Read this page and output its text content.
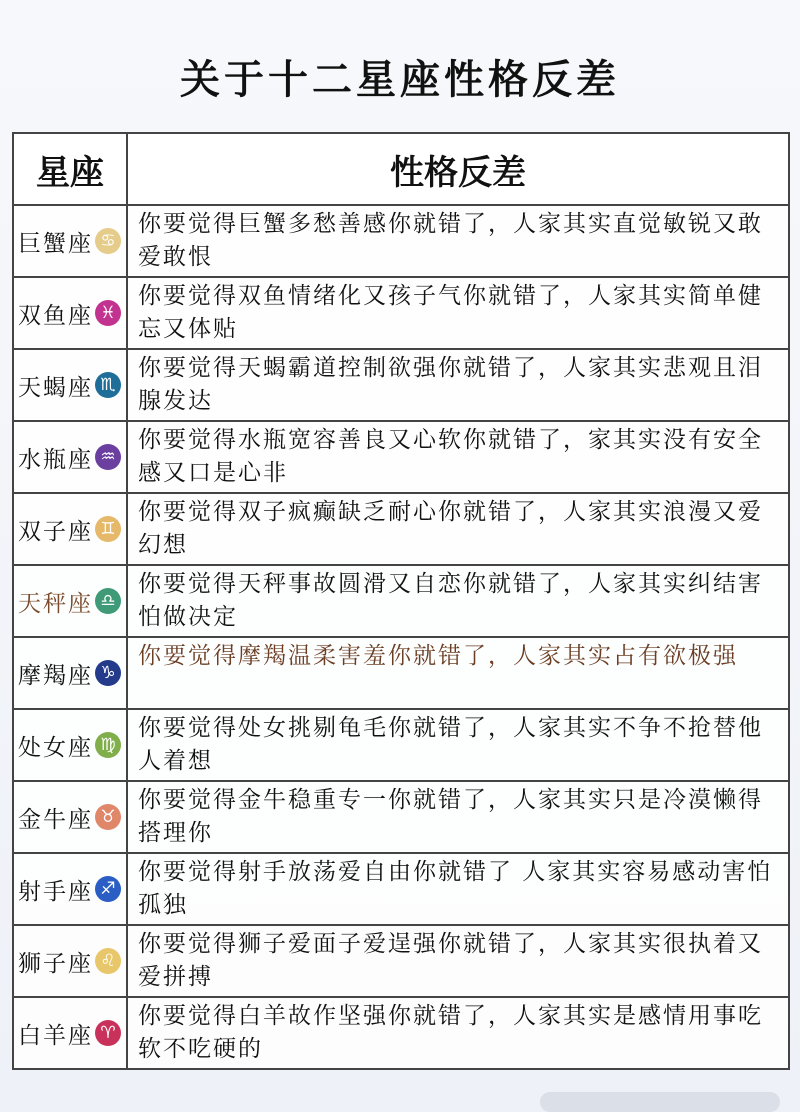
关于十二星座性格反差
星座	性格反差

巨蟹座 ♋	你要觉得巨蟹多愁善感你就错了，人家其实直觉敏锐又敢爱敢恨

双鱼座 ♓	你要觉得双鱼情绪化又孩子气你就错了，人家其实简单健忘又体贴

天蝎座 ♏	你要觉得天蝎霸道控制欲强你就错了，人家其实悲观且泪腺发达

水瓶座 ♒	你要觉得水瓶宽容善良又心软你就错了，家其实没有安全感又口是心非

双子座 ♊	你要觉得双子疯癫缺乏耐心你就错了，人家其实浪漫又爱幻想

天秤座 ♎	你要觉得天秤事故圆滑又自恋你就错了，人家其实纠结害怕做决定

摩羯座 ♑	你要觉得摩羯温柔害羞你就错了，人家其实占有欲极强

处女座 ♍	你要觉得处女挑剔龟毛你就错了，人家其实不争不抢替他人着想

金牛座 ♉	你要觉得金牛稳重专一你就错了，人家其实只是冷漠懒得搭理你

射手座 ♐	你要觉得射手放荡爱自由你就错了 人家其实容易感动害怕孤独

狮子座 ♌	你要觉得狮子爱面子爱逞强你就错了，人家其实很执着又爱拼搏

白羊座 ♈	你要觉得白羊故作坚强你就错了，人家其实是感情用事吃软不吃硬的
